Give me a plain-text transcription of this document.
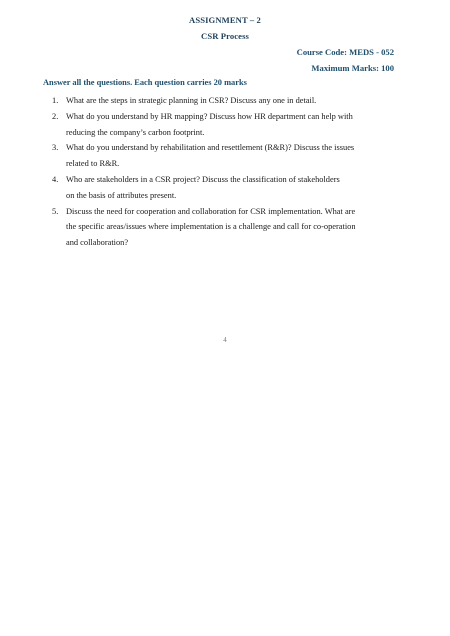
ASSIGNMENT – 2
CSR Process
Course Code: MEDS - 052
Maximum Marks: 100
Answer all the questions. Each question carries 20 marks
1. What are the steps in strategic planning in CSR? Discuss any one in detail.
2. What do you understand by HR mapping? Discuss how HR department can help with
reducing the company’s carbon footprint.
3. What do you understand by rehabilitation and resettlement (R&R)? Discuss the issues
related to R&R.
4. Who are stakeholders in a CSR project? Discuss the classification of stakeholders
on the basis of attributes present.
5. Discuss the need for cooperation and collaboration for CSR implementation. What are
the specific areas/issues where implementation is a challenge and call for co-operation
and collaboration?
4
